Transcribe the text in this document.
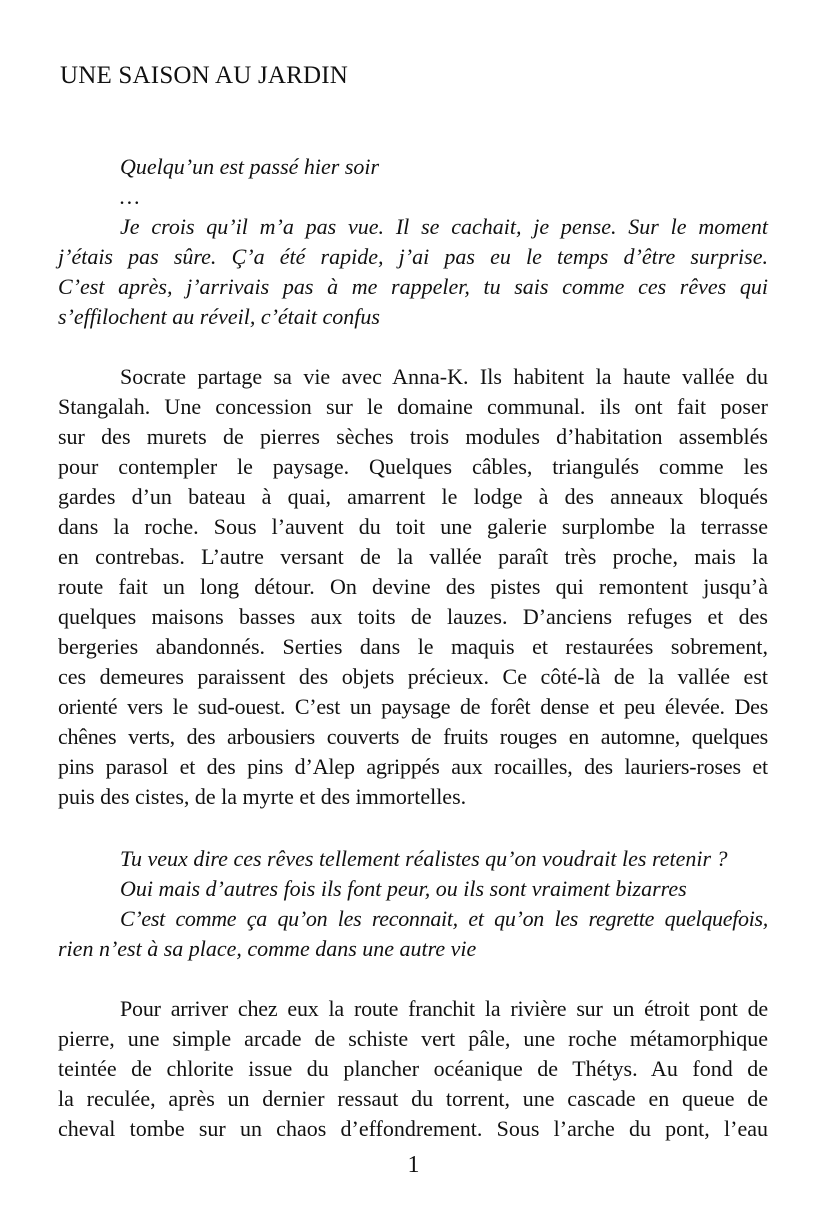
UNE SAISON AU JARDIN
Quelqu’un est passé hier soir
…
Je crois qu’il m’a pas vue. Il se cachait, je pense. Sur le moment
j’étais pas sûre. Ç’a été rapide, j’ai pas eu le temps d’être surprise.
C’est après, j’arrivais pas à me rappeler, tu sais comme ces rêves qui
s’effilochent au réveil, c’était confus
Socrate partage sa vie avec Anna-K. Ils habitent la haute vallée du
Stangalah. Une concession sur le domaine communal. ils ont fait poser
sur des murets de pierres sèches trois modules d’habitation assemblés
pour contempler le paysage. Quelques câbles, triangulés comme les
gardes d’un bateau à quai, amarrent le lodge à des anneaux bloqués
dans la roche. Sous l’auvent du toit une galerie surplombe la terrasse
en contrebas. L’autre versant de la vallée paraît très proche, mais la
route fait un long détour. On devine des pistes qui remontent jusqu’à
quelques maisons basses aux toits de lauzes. D’anciens refuges et des
bergeries abandonnés. Serties dans le maquis et restaurées sobrement,
ces demeures paraissent des objets précieux. Ce côté-là de la vallée est
orienté vers le sud-ouest. C’est un paysage de forêt dense et peu élevée. Des
chênes verts, des arbousiers couverts de fruits rouges en automne, quelques
pins parasol et des pins d’Alep agrippés aux rocailles, des lauriers-roses et
puis des cistes, de la myrte et des immortelles.
Tu veux dire ces rêves tellement réalistes qu’on voudrait les retenir ?
Oui mais d’autres fois ils font peur, ou ils sont vraiment bizarres
C’est comme ça qu’on les reconnait, et qu’on les regrette quelquefois,
rien n’est à sa place, comme dans une autre vie
Pour arriver chez eux la route franchit la rivière sur un étroit pont de
pierre, une simple arcade de schiste vert pâle, une roche métamorphique
teintée de chlorite issue du plancher océanique de Thétys. Au fond de
la reculée, après un dernier ressaut du torrent, une cascade en queue de
cheval tombe sur un chaos d’effondrement. Sous l’arche du pont, l’eau
1
